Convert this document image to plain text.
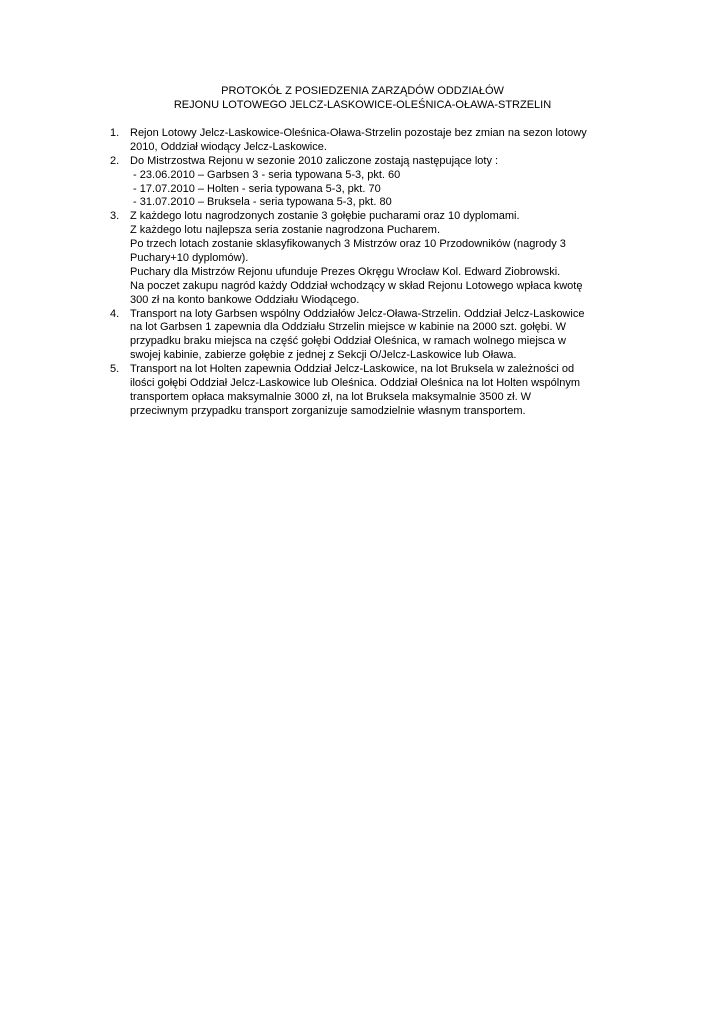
PROTOKÓŁ Z POSIEDZENIA ZARZĄDÓW ODDZIAŁÓW
REJONU LOTOWEGO JELCZ-LASKOWICE-OLEŚNICA-OŁAWA-STRZELIN
1. Rejon Lotowy Jelcz-Laskowice-Oleśnica-Oława-Strzelin pozostaje bez zmian na sezon lotowy
2010, Oddział wiodący Jelcz-Laskowice.
2. Do Mistrzostwa Rejonu w sezonie 2010 zaliczone zostają następujące loty :
- 23.06.2010 – Garbsen 3 - seria typowana 5-3, pkt. 60
- 17.07.2010 – Holten - seria typowana 5-3, pkt. 70
- 31.07.2010 – Bruksela - seria typowana 5-3, pkt. 80
3. Z każdego lotu nagrodzonych zostanie 3 gołębie pucharami oraz 10 dyplomami.
Z każdego lotu najlepsza seria zostanie nagrodzona Pucharem.
Po trzech lotach zostanie sklasyfikowanych 3 Mistrzów oraz 10 Przodowników (nagrody 3
Puchary+10 dyplomów).
Puchary dla Mistrzów Rejonu ufunduje Prezes Okręgu Wrocław Kol. Edward Ziobrowski.
Na poczet zakupu nagród każdy Oddział wchodzący w skład Rejonu Lotowego wpłaca kwotę
300 zł na konto bankowe Oddziału Wiodącego.
4. Transport na loty Garbsen wspólny Oddziałów Jelcz-Oława-Strzelin. Oddział Jelcz-Laskowice
na lot Garbsen 1 zapewnia dla Oddziału Strzelin miejsce w kabinie na 2000 szt. gołębi. W
przypadku braku miejsca na część gołębi Oddział Oleśnica, w ramach wolnego miejsca w
swojej kabinie, zabierze gołębie z jednej z Sekcji O/Jelcz-Laskowice lub Oława.
5. Transport na lot Holten zapewnia Oddział Jelcz-Laskowice, na lot Bruksela w zależności od
ilości gołębi Oddział Jelcz-Laskowice lub Oleśnica. Oddział Oleśnica na lot Holten wspólnym
transportem opłaca maksymalnie 3000 zł, na lot Bruksela maksymalnie 3500 zł. W
przeciwnym przypadku transport zorganizuje samodzielnie własnym transportem.
